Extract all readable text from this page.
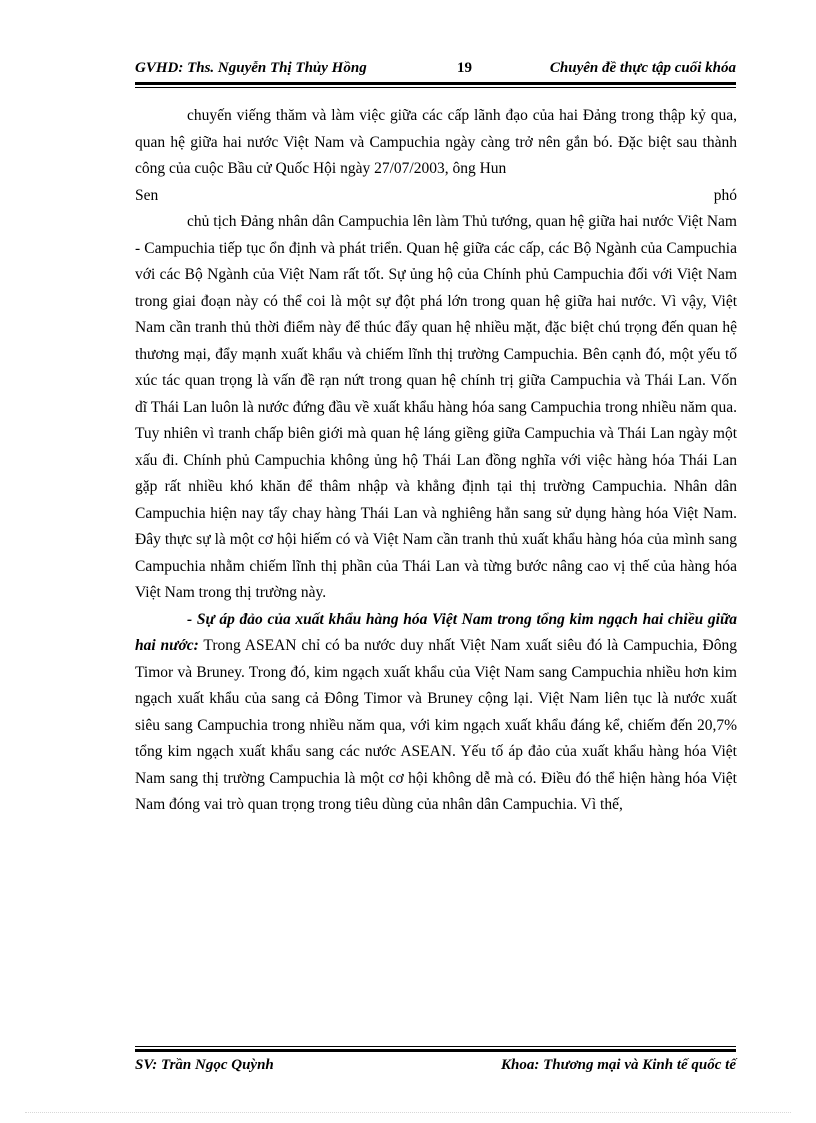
GVHD: Ths. Nguyễn Thị Thủy Hồng	19	Chuyên đề thực tập cuối khóa

chuyến viếng thăm và làm việc giữa các cấp lãnh đạo của hai Đảng trong thập kỷ qua, quan hệ giữa hai nước Việt Nam và Campuchia ngày càng trở nên gắn bó. Đặc biệt sau thành công của cuộc Bầu cử Quốc Hội ngày 27/07/2003, ông Hun

Sen	phó

chủ tịch Đảng nhân dân Campuchia lên làm Thủ tướng, quan hệ giữa hai nước Việt Nam - Campuchia tiếp tục ổn định và phát triển. Quan hệ giữa các cấp, các Bộ Ngành của Campuchia với các Bộ Ngành của Việt Nam rất tốt. Sự ủng hộ của Chính phủ Campuchia đối với Việt Nam trong giai đoạn này có thể coi là một sự đột phá lớn trong quan hệ giữa hai nước. Vì vậy, Việt Nam cần tranh thủ thời điểm này để thúc đẩy quan hệ nhiều mặt, đặc biệt chú trọng đến quan hệ thương mại, đẩy mạnh xuất khẩu và chiếm lĩnh thị trường Campuchia. Bên cạnh đó, một yếu tố xúc tác quan trọng là vấn đề rạn nứt trong quan hệ chính trị giữa Campuchia và Thái Lan. Vốn dĩ Thái Lan luôn là nước đứng đầu về xuất khẩu hàng hóa sang Campuchia trong nhiều năm qua. Tuy nhiên vì tranh chấp biên giới mà quan hệ láng giềng giữa Campuchia và Thái Lan ngày một xấu đi. Chính phủ Campuchia không ủng hộ Thái Lan đồng nghĩa với việc hàng hóa Thái Lan gặp rất nhiều khó khăn để thâm nhập và khẳng định tại thị trường Campuchia. Nhân dân Campuchia hiện nay tẩy chay hàng Thái Lan và nghiêng hẳn sang sử dụng hàng hóa Việt Nam. Đây thực sự là một cơ hội hiếm có và Việt Nam cần tranh thủ xuất khẩu hàng hóa của mình sang Campuchia nhằm chiếm lĩnh thị phần của Thái Lan và từng bước nâng cao vị thế của hàng hóa Việt Nam trong thị trường này.

- Sự áp đảo của xuất khẩu hàng hóa Việt Nam trong tổng kim ngạch hai chiều giữa hai nước: Trong ASEAN chỉ có ba nước duy nhất Việt Nam xuất siêu đó là Campuchia, Đông Timor và Bruney. Trong đó, kim ngạch xuất khẩu của Việt Nam sang Campuchia nhiều hơn kim ngạch xuất khẩu của sang cả Đông Timor và Bruney cộng lại. Việt Nam liên tục là nước xuất siêu sang Campuchia trong nhiều năm qua, với kim ngạch xuất khẩu đáng kể, chiếm đến 20,7% tổng kim ngạch xuất khẩu sang các nước ASEAN. Yếu tố áp đảo của xuất khẩu hàng hóa Việt Nam sang thị trường Campuchia là một cơ hội không dễ mà có. Điều đó thể hiện hàng hóa Việt Nam đóng vai trò quan trọng trong tiêu dùng của nhân dân Campuchia. Vì thế,

SV: Trần Ngọc Quỳnh	Khoa: Thương mại và Kinh tế quốc tế
